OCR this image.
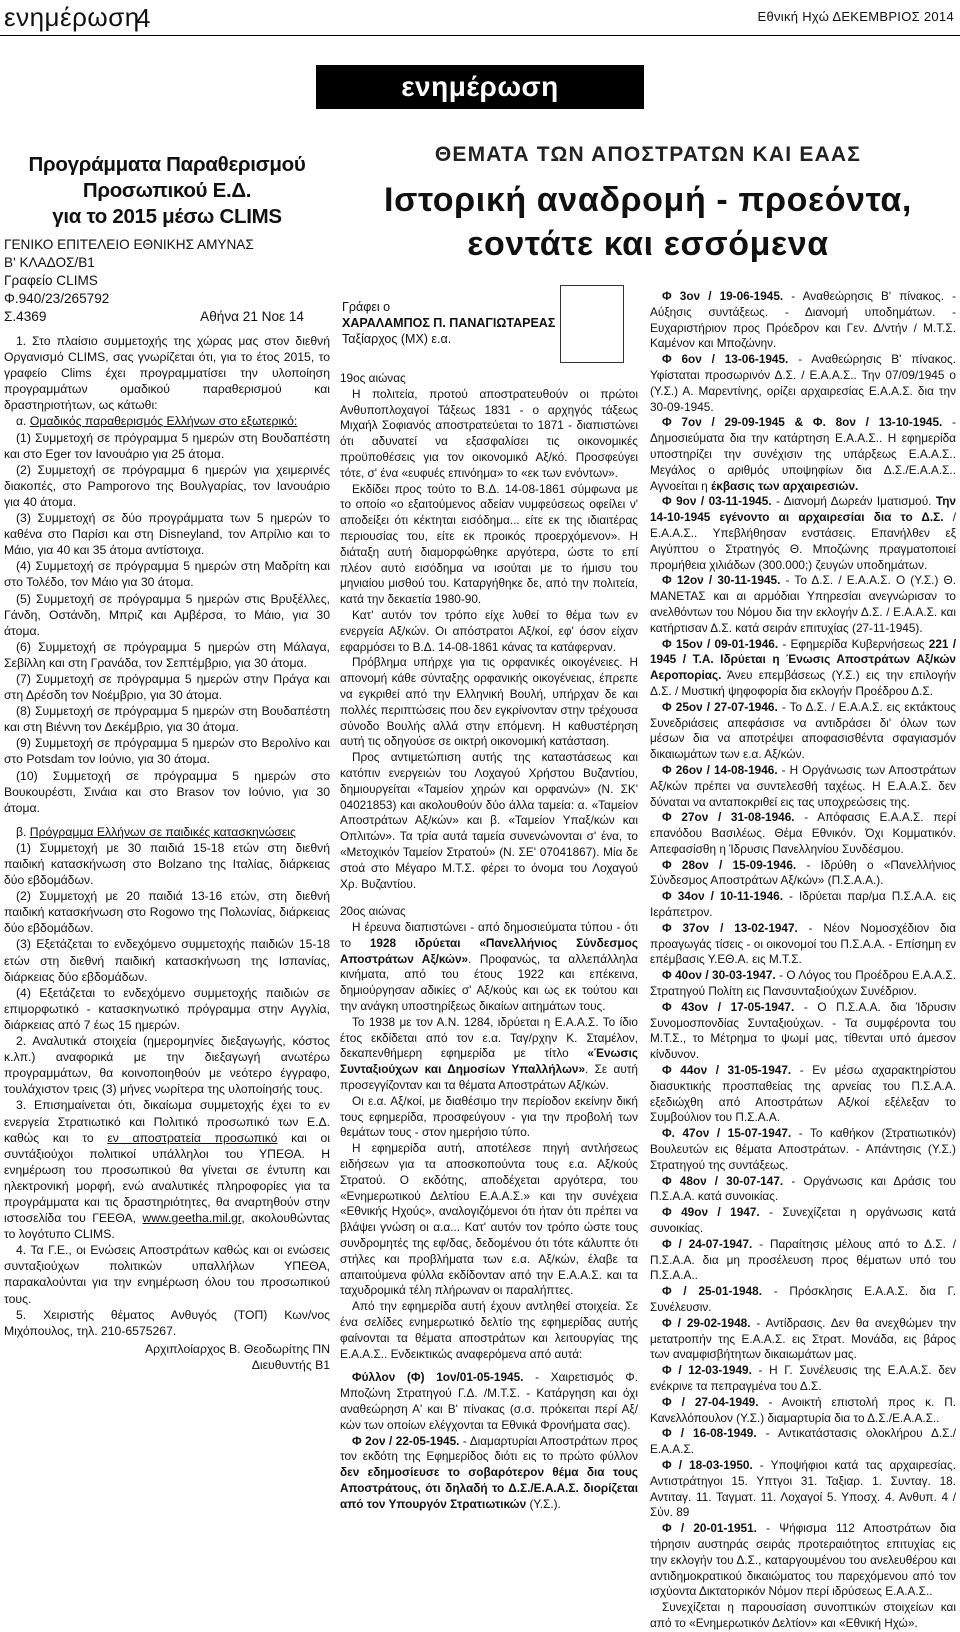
ενημέρωση
4	Εθνική Ηχώ ΔΕΚΕΜΒΡΙΟΣ 2014
ενημέρωση
Προγράμματα Παραθερισμού
Προσωπικού Ε.Δ.
για το 2015 μέσω CLIMS
ΓΕΝΙΚΟ ΕΠΙΤΕΛΕΙΟ ΕΘΝΙΚΗΣ ΑΜΥΝΑΣ
Β' ΚΛΑΔΟΣ/Β1
Γραφείο CLIMS
Φ.940/23/265792
Σ.4369	Αθήνα 21 Νοε 14

1. Στο πλαίσιο συμμετοχής της χώρας μας στον διεθνή Οργανισμό CLIMS, σας γνωρίζεται ότι, για το έτος 2015, το γραφείο Clims έχει προγραμματίσει την υλοποίηση προγραμμάτων ομαδικού παραθερισμού και δραστηριοτήτων, ως κάτωθι:

α. Ομαδικός παραθερισμός Ελλήνων στο εξωτερικό:

(1) Συμμετοχή σε πρόγραμμα 5 ημερών στη Βουδαπέστη και στο Eger τον Ιανουάριο για 25 άτομα.

(2) Συμμετοχή σε πρόγραμμα 6 ημερών για χειμερινές διακοπές, στο Pamporovo της Βουλγαρίας, τον Ιανουάριο για 40 άτομα.

(3) Συμμετοχή σε δύο προγράμματα των 5 ημερών το καθένα στο Παρίσι και στη Disneyland, τον Απρίλιο και το Μάιο, για 40 και 35 άτομα αντίστοιχα.

(4) Συμμετοχή σε πρόγραμμα 5 ημερών στη Μαδρίτη και στο Τολέδο, τον Μάιο για 30 άτομα.

(5) Συμμετοχή σε πρόγραμμα 5 ημερών στις Βρυξέλλες, Γάνδη, Οστάνδη, Μπριζ και Αμβέρσα, το Μάιο, για 30 άτομα.

(6) Συμμετοχή σε πρόγραμμα 5 ημερών στη Μάλαγα, Σεβίλλη και στη Γρανάδα, τον Σεπτέμβριο, για 30 άτομα.

(7) Συμμετοχή σε πρόγραμμα 5 ημερών στην Πράγα και στη Δρέσδη τον Νοέμβριο, για 30 άτομα.

(8) Συμμετοχή σε πρόγραμμα 5 ημερών στη Βουδαπέστη και στη Βιέννη τον Δεκέμβριο, για 30 άτομα.

(9) Συμμετοχή σε πρόγραμμα 5 ημερών στο Βερολίνο και στο Potsdam τον Ιούνιο, για 30 άτομα.

(10) Συμμετοχή σε πρόγραμμα 5 ημερών στο Βουκουρέστι, Σινάια και στο Brasov τον Ιούνιο, για 30 άτομα.

β. Πρόγραμμα Ελλήνων σε παιδικές κατασκηνώσεις

(1) Συμμετοχή με 30 παιδιά 15-18 ετών στη διεθνή παιδική κατασκήνωση στο Bolzano της Ιταλίας, διάρκειας δύο εβδομάδων.

(2) Συμμετοχή με 20 παιδιά 13-16 ετών, στη διεθνή παιδική κατασκήνωση στο Rogowo της Πολωνίας, διάρκειας δύο εβδομάδων.

(3) Εξετάζεται το ενδεχόμενο συμμετοχής παιδιών 15-18 ετών στη διεθνή παιδική κατασκήνωση της Ισπανίας, διάρκειας δύο εβδομάδων.

(4) Εξετάζεται το ενδεχόμενο συμμετοχής παιδιών σε επιμορφωτικό - κατασκηνωτικό πρόγραμμα στην Αγγλία, διάρκειας από 7 έως 15 ημερών.

2. Αναλυτικά στοιχεία (ημερομηνίες διεξαγωγής, κόστος κ.λπ.) αναφορικά με την διεξαγωγή ανωτέρω προγραμμάτων, θα κοινοποιηθούν με νεότερο έγγραφο, τουλάχιστον τρεις (3) μήνες νωρίτερα της υλοποίησής τους.

3. Επισημαίνεται ότι, δικαίωμα συμμετοχής έχει το εν ενεργεία Στρατιωτικό και Πολιτικό προσωπικό των Ε.Δ. καθώς και το εν αποστρατεία προσωπικό και οι συντάξιούχοι πολιτικοί υπάλληλοι του ΥΠΕΘΑ. Η ενημέρωση του προσωπικού θα γίνεται σε έντυπη και ηλεκτρονική μορφή, ενώ αναλυτικές πληροφορίες για τα προγράμματα και τις δραστηριότητες, θα αναρτηθούν στην ιστοσελίδα του ΓΕΕΘΑ, www.geetha.mil.gr, ακολουθώντας το λογότυπο CLIMS.

4. Τα Γ.Ε., οι Ενώσεις Αποστράτων καθώς και οι ενώσεις συνταξιούχων πολιτικών υπαλλήλων ΥΠΕΘΑ, παρακαλούνται για την ενημέρωση όλου του προσωπικού τους.

5. Χειριστής θέματος Ανθυγός (ΤΟΠ) Κων/νος Μιχόπουλος, τηλ. 210-6575267.

Αρχιπλοίαρχος Β. Θεοδωρίτης ΠΝ
Διευθυντής Β1
ΘΕΜΑΤΑ ΤΩΝ ΑΠΟΣΤΡΑΤΩΝ ΚΑΙ ΕΑΑΣ
Ιστορική αναδρομή - προεόντα,
εοντάτε και εσσόμενα
Γράφει ο
ΧΑΡΑΛΑΜΠΟΣ Π. ΠΑΝΑΓΙΩΤΑΡΕΑΣ
Ταξίαρχος (ΜΧ) ε.α.

19ος αιώνας

Η πολιτεία, προτού αποστρατευθούν οι πρώτοι Ανθυποπλοχαγοί Τάξεως 1831 - ο αρχηγός τάξεως Μιχαήλ Σοφιανός αποστρατεύεται το 1871 - διαπιστώνει ότι αδυνατεί να εξασφαλίσει τις οικονομικές προϋποθέσεις για τον οικονομικό Αξ/κό. Προσφεύγει τότε, σ' ένα «ευφυές επινόημα» το «εκ των ενόντων».

Εκδίδει προς τούτο το Β.Δ. 14-08-1861 σύμφωνα με το οποίο «ο εξαιτούμενος αδείαν νυμφεύσεως οφείλει ν' αποδείξει ότι κέκτηται εισόδημα... είτε εκ της ιδιαιτέρας περιουσίας του, είτε εκ προικός προερχόμενον». Η διάταξη αυτή διαμορφώθηκε αργότερα, ώστε το επί πλέον αυτό εισόδημα να ισούται με το ήμισυ του μηνιαίου μισθού του. Καταργήθηκε δε, από την πολιτεία, κατά την δεκαετία 1980-90.

Κατ' αυτόν τον τρόπο είχε λυθεί το θέμα των εν ενεργεία Αξ/κών. Οι απόστρατοι Αξ/κοί, εφ' όσον είχαν εφαρμόσει το Β.Δ. 14-08-1861 κάνας τα κατάφερναν.

Πρόβλημα υπήρχε για τις ορφανικές οικογένειες. Η απονομή κάθε σύνταξης ορφανικής οικογένειας, έπρεπε να εγκριθεί από την Ελληνική Βουλή, υπήρχαν δε και πολλές περιπτώσεις που δεν εγκρίνονταν στην τρέχουσα σύνοδο Βουλής αλλά στην επόμενη. Η καθυστέρηση αυτή τις οδηγούσε σε οικτρή οικονομική κατάσταση.

Προς αντιμετώπιση αυτής της καταστάσεως και κατόπιν ενεργειών του Λοχαγού Χρήστου Βυζαντίου, δημιουργείται «Ταμείον χηρών και ορφανών» (Ν. ΣΚ' 04021853) και ακολουθούν δύο άλλα ταμεία: α. «Ταμείον Αποστράτων Αξ/κών» και β. «Ταμείον Υπαξ/κών και Οπλιτών». Τα τρία αυτά ταμεία συνενώνονται σ' ένα, το «Μετοχικόν Ταμείον Στρατού» (Ν. ΣΕ' 07041867). Μία δε στοά στο Μέγαρο Μ.Τ.Σ. φέρει το όνομα του Λοχαγού Χρ. Βυζαντίου.

20ος αιώνας

Η έρευνα διαπιστώνει - από δημοσιεύματα τύπου - ότι το 1928 ιδρύεται «Πανελλήνιος Σύνδεσμος Αποστράτων Αξ/κών». Προφανώς, τα αλλεπάλληλα κινήματα, από του έτους 1922 και επέκεινα, δημιούργησαν αδικίες σ' Αξ/κούς και ως εκ τούτου και την ανάγκη υποστηρίξεως δικαίων αιτημάτων τους.

Το 1938 με τον Α.Ν. 1284, ιδρύεται η Ε.Α.Α.Σ. Το ίδιο έτος εκδίδεται από τον ε.α. Ταγ/ρχην Κ. Σταμέλον, δεκαπενθήμερη εφημερίδα με τίτλο «Ένωσις Συνταξιούχων και Δημοσίων Υπαλλήλων». Σε αυτή προσεγγίζονταν και τα θέματα Αποστράτων Αξ/κών.

Οι ε.α. Αξ/κοί, με διαθέσιμο την περίοδον εκείνην δική τους εφημερίδα, προσφεύγουν - για την προβολή των θεμάτων τους - στον ημερήσιο τύπο.

Η εφημερίδα αυτή, αποτέλεσε πηγή αντλήσεως ειδήσεων για τα αποσκοπούντα τους ε.α. Αξ/κούς Στρατού. Ο εκδότης, αποδέχεται αργότερα, του «Ενημερωτικού Δελτίου Ε.Α.Α.Σ.» και την συνέχεια «Εθνικής Ηχούς», αναλογιζόμενοι ότι ήταν ότι πρέπει να βλάψει γνώση οι α.α... Κατ' αυτόν τον τρόπο ώστε τους συνδρομητές της εφ/δας, δεδομένου ότι τότε κάλυπτε ότι στήλες και προβλήματα των ε.α. Αξ/κών, έλαβε τα απαιτούμενα φύλλα εκδίδονταν από την Ε.Α.Α.Σ. και τα ταχυδρομικά τέλη πλήρωναν οι παραλήπτες.

Από την εφημερίδα αυτή έχουν αντληθεί στοιχεία. Σε ένα σελίδες ενημερωτικό δελτίο της εφημερίδας αυτής φαίνονται τα θέματα αποστράτων και λειτουργίας της Ε.Α.Α.Σ.. Ενδεικτικώς αναφερόμενα από αυτά:

Φύλλον (Φ) 1ον/01-05-1945. - Χαιρετισμός Φ. Μποζώνη Στρατηγού Γ.Δ. /Μ.Τ.Σ. - Κατάργηση και όχι αναθεώρηση Α' και Β' πίνακας (σ.σ. πρόκειται περί Αξ/κών των οποίων ελέγχονται τα Εθνικά Φρονήματα σας).

Φ 2ον / 22-05-1945. - Διαμαρτυρίαι Αποστράτων προς τον εκδότη της Εφημερίδος διότι εις το πρώτο φύλλον δεν εδημοσίευσε το σοβαρότερον θέμα δια τους Αποστράτους, ότι δηλαδή το Δ.Σ./Ε.Α.Α.Σ. διορίζεται από τον Υπουργόν Στρατιωτικών (Υ.Σ.).

Φ 3ον / 19-06-1945. - Αναθεώρησις Β' πίνακος. - Αύξησις συντάξεως. - Διανομή υποδημάτων. - Ευχαριστήριον προς Πρόεδρον και Γεν. Δ/ντήν / Μ.Τ.Σ. Καμένον και Μποζώνην.

Φ 6ον / 13-06-1945. - Αναθεώρησις Β' πίνακος. Υφίσταται προσωρινόν Δ.Σ. / Ε.Α.Α.Σ.. Την 07/09/1945 ο (Υ.Σ.) Α. Μαρεντίνης, ορίζει αρχαιρεσίας Ε.Α.Α.Σ. δια την 30-09-1945.

Φ 7ον / 29-09-1945 & Φ. 8ον / 13-10-1945. - Δημοσιεύματα δια την κατάρτηση Ε.Α.Α.Σ.. Η εφημερίδα υποστηρίζει την συνέχισιν της υπάρξεως Ε.Α.Α.Σ.. Μεγάλος ο αριθμός υποψηφίων δια Δ.Σ./Ε.Α.Α.Σ.. Αγνοείται η έκβασις των αρχαιρεσιών.

Φ 9ον / 03-11-1945. - Διανομή Δωρεάν Ιματισμού. Την 14-10-1945 εγένοντο αι αρχαιρεσίαι δια το Δ.Σ. / Ε.Α.Α.Σ.. Υπεβλήθησαν ενστάσεις. Επανήλθεν εξ Αιγύπτου ο Στρατηγός Θ. Μποζώνης πραγματοποιεί προμήθεια χιλιάδων (300.000;) ζευγών υποδημάτων.

Φ 12ον / 30-11-1945. - Το Δ.Σ. / Ε.Α.Α.Σ. Ο (Υ.Σ.) Θ. ΜΑΝΕΤΑΣ και αι αρμόδιαι Υπηρεσίαι ανεγνώρισαν το ανελθόντων του Νόμου δια την εκλογήν Δ.Σ. / Ε.Α.Α.Σ. και κατήρτισαν Δ.Σ. κατά σειράν επιτυχίας (27-11-1945).

Φ 15ον / 09-01-1946. - Εφημερίδα Κυβερνήσεως 221 / 1945 / Τ.Α. Ιδρύεται η Ένωσις Αποστράτων Αξ/κών Αεροπορίας. Άνευ επεμβάσεως (Υ.Σ.) εις την επιλογήν Δ.Σ. / Μυστική ψηφοφορία δια εκλογήν Προέδρου Δ.Σ.

Φ 25ον / 27-07-1946. - Το Δ.Σ. / Ε.Α.Α.Σ. εις εκτάκτους Συνεδριάσεις απεφάσισε να αντιδράσει δι' όλων των μέσων δια να αποτρέψει αποφασισθέντα σφαγιασμόν δικαιωμάτων των ε.α. Αξ/κών.

Φ 26ον / 14-08-1946. - Η Οργάνωσις των Αποστράτων Αξ/κών πρέπει να συντελεσθή ταχέως. Η Ε.Α.Α.Σ. δεν δύναται να ανταποκριθεί εις τας υποχρεώσεις της.

Φ 27ον / 31-08-1946. - Απόφασις Ε.Α.Α.Σ. περί επανόδου Βασιλέως. Θέμα Εθνικόν. Όχι Κομματικόν. Απεφασίσθη η Ίδρυσις Πανελληνίου Συνδέσμου.

Φ 28ον / 15-09-1946. - Ιδρύθη ο «Πανελλήνιος Σύνδεσμος Αποστράτων Αξ/κών» (Π.Σ.Α.Α.).

Φ 34ον / 10-11-1946. - Ιδρύεται παρ/μα Π.Σ.Α.Α. εις Ιεράπετρον.

Φ 37ον / 13-02-1947. - Νέον Νομοσχέδιον δια προαγωγάς τίσεις - οι οικονομοί του Π.Σ.Α.Α. - Επίσημη εν επέμβασις Υ.ΕΘ.Α. εις Μ.Τ.Σ.

Φ 40ον / 30-03-1947. - Ο Λόγος του Προέδρου Ε.Α.Α.Σ. Στρατηγού Πολίτη εις Πανσυνταξιούχων Συνέδριον.

Φ 43ον / 17-05-1947. - Ο Π.Σ.Α.Α. δια Ίδρυσιν Συνομοσπονδίας Συνταξιούχων. - Τα συμφέροντα του Μ.Τ.Σ., το Μέτρημα το ψωμί μας, τίθενται υπό άμεσον κίνδυνον.

Φ 44ον / 31-05-1947. - Εν μέσω αχαρακτηρίστου διασυκτικής προσπαθείας της αρνείας του Π.Σ.Α.Α. εξεδιώχθη από Αποστράτων Αξ/κοί εξέλεξαν το Συμβούλιον του Π.Σ.Α.Α.

Φ. 47ον / 15-07-1947. - Το καθήκον (Στρατιωτικόν) Βουλευτών εις θέματα Αποστράτων. - Απάντησις (Υ.Σ.) Στρατηγού της συντάξεως.

Φ 48ον / 30-07-147. - Οργάνωσις και Δράσις του Π.Σ.Α.Α. κατά συνοικίας.

Φ 49ον / 1947. - Συνεχίζεται η οργάνωσις κατά συνοικίας.

Φ / 24-07-1947. - Παραίτησις μέλους από το Δ.Σ. / Π.Σ.Α.Α. δια μη προσέλευση προς θέματων υπό του Π.Σ.Α.Α..

Φ / 25-01-1948. - Πρόσκλησις Ε.Α.Α.Σ. δια Γ. Συνέλευσιν.

Φ / 29-02-1948. - Αντίδρασις. Δεν θα ανεχθώμεν την μετατροπήν της Ε.Α.Α.Σ. εις Στρατ. Μονάδα, εις βάρος των αναμφισβήτητων δικαιωμάτων μας.

Φ / 12-03-1949. - Η Γ. Συνέλευσις της Ε.Α.Α.Σ. δεν ενέκρινε τα πεπραγμένα του Δ.Σ.

Φ / 27-04-1949. - Ανοικτή επιστολή προς κ. Π. Κανελλόπουλον (Υ.Σ.) διαμαρτυρία δια το Δ.Σ./Ε.Α.Α.Σ..

Φ / 16-08-1949. - Αντικατάστασις ολοκλήρου Δ.Σ./Ε.Α.Α.Σ.

Φ / 18-03-1950. - Υποψήφιοι κατά τας αρχαιρεσίας. Αντιστράτηγοι 15. Υπτγοι 31. Ταξιαρ. 1. Συνταγ. 18. Αντιταγ. 11. Ταγματ. 11. Λοχαγοί 5. Υποσχ. 4. Ανθυπ. 4 / Σύν. 89

Φ / 20-01-1951. - Ψήφισμα 112 Αποστράτων δια τήρησιν αυστηράς σειράς προτεραιότητος επιτυχίας εις την εκλογήν του Δ.Σ., καταργουμένου του ανελευθέρου και αντιδημοκρατικού δικαιώματος του παρεχόμενου από τον ισχύοντα Δικτατορικόν Νόμον περί ιδρύσεως Ε.Α.Α.Σ..

Συνεχίζεται η παρουσίαση συνοπτικών στοιχείων και από το «Ενημερωτικόν Δελτίον» και «Εθνική Ηχώ».
